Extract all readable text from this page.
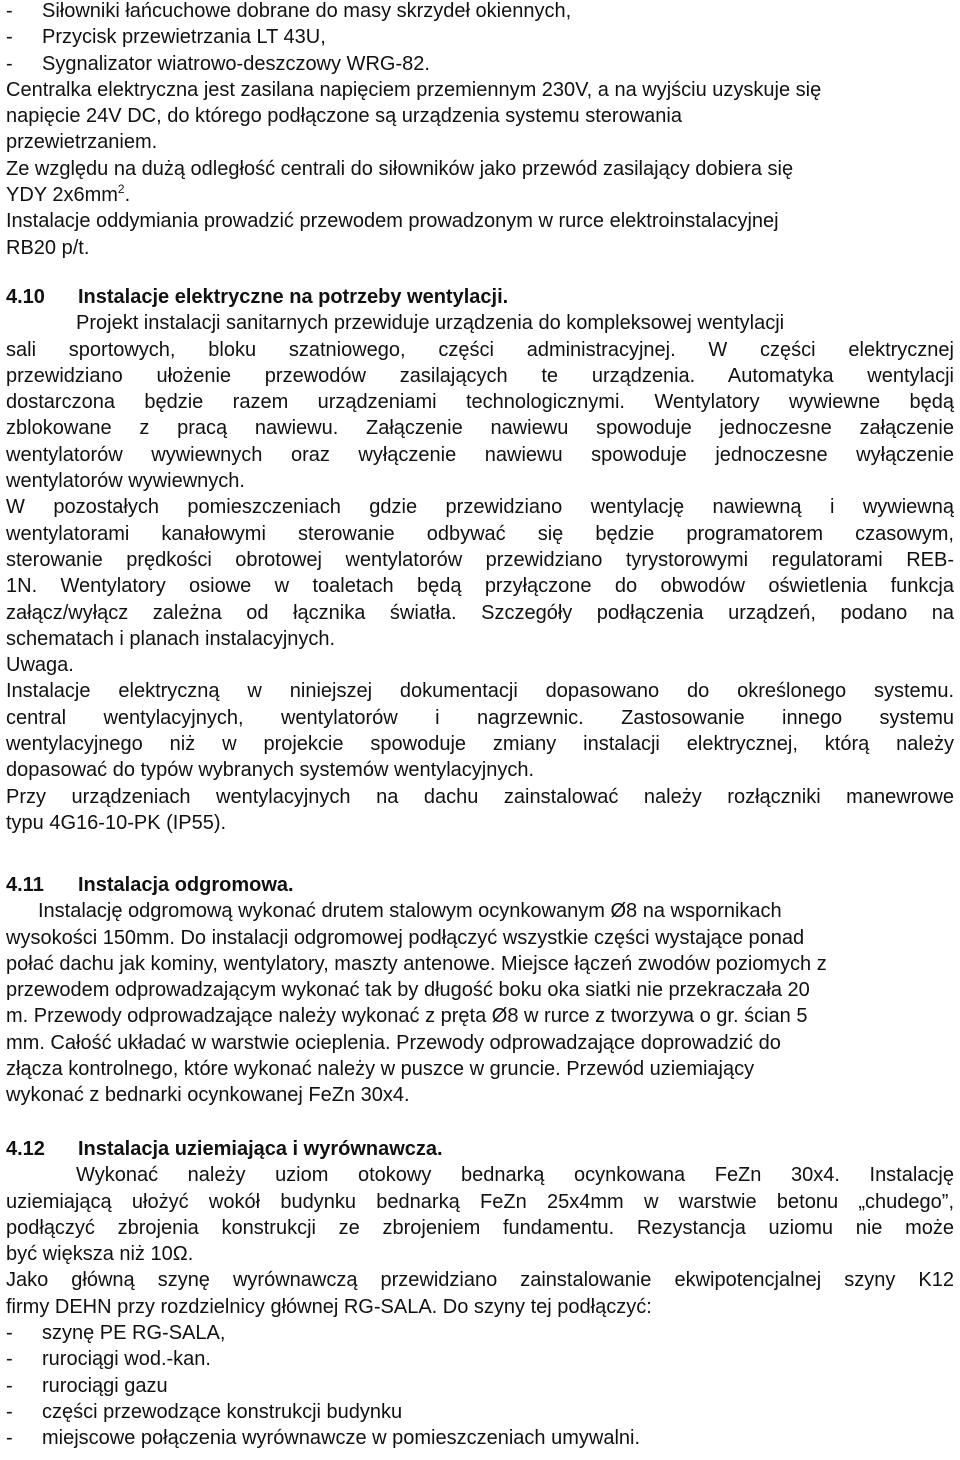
- Siłowniki łańcuchowe dobrane do masy skrzydeł okiennych,
- Przycisk przewietrzania LT 43U,
- Sygnalizator wiatrowo-deszczowy WRG-82.
Centralka elektryczna jest zasilana napięciem przemiennym 230V, a na wyjściu uzyskuje się
napięcie 24V DC, do którego podłączone są urządzenia systemu sterowania
przewietrzaniem.
Ze względu na dużą odległość centrali do siłowników jako przewód zasilający dobiera się
YDY $2x6mm^2$.
Instalacje oddymiania prowadzić przewodem prowadzonym w rurce elektroinstalacyjnej
RB20 p/t.
4.10 Instalacje elektryczne na potrzeby wentylacji.
Projekt instalacji sanitarnych przewiduje urządzenia do kompleksowej wentylacji
sali sportowych, bloku szatniowego, części administracyjnej. W części elektrycznej
przewidziano ułożenie przewodów zasilających te urządzenia. Automatyka wentylacji
dostarczona będzie razem urządzeniami technologicznymi. Wentylatory wywiewne będą
zblokowane z pracą nawiewu. Załączenie nawiewu spowoduje jednoczesne załączenie
wentylatorów wywiewnych oraz wyłączenie nawiewu spowoduje jednoczesne wyłączenie
wentylatorów wywiewnych.
W pozostałych pomieszczeniach gdzie przewidziano wentylację nawiewną i wywiewną
wentylatorami kanałowymi sterowanie odbywać się będzie programatorem czasowym,
sterowanie prędkości obrotowej wentylatorów przewidziano tyrystorowymi regulatorami REB-
1N. Wentylatory osiowe w toaletach będą przyłączone do obwodów oświetlenia funkcja
załącz/wyłącz zależna od łącznika światła. Szczegóły podłączenia urządzeń, podano na
schematach i planach instalacyjnych.
Uwaga.
Instalacje elektryczną w niniejszej dokumentacji dopasowano do określonego systemu.
central wentylacyjnych, wentylatorów i nagrzewnic. Zastosowanie innego systemu
wentylacyjnego niż w projekcie spowoduje zmiany instalacji elektrycznej, którą należy
dopasować do typów wybranych systemów wentylacyjnych.
Przy urządzeniach wentylacyjnych na dachu zainstalować należy rozłączniki manewrowe
typu 4G16-10-PK (IP55).
4.11 Instalacja odgromowa.
Instalację odgromową wykonać drutem stalowym ocynkowanym Ø8 na wspornikach
wysokości 150mm. Do instalacji odgromowej podłączyć wszystkie części wystające ponad
połać dachu jak kominy, wentylatory, maszty antenowe. Miejsce łączeń zwodów poziomych z
przewodem odprowadzającym wykonać tak by długość boku oka siatki nie przekraczała 20
m. Przewody odprowadzające należy wykonać z pręta Ø8 w rurce z tworzywa o gr. ścian 5
mm. Całość układać w warstwie ocieplenia. Przewody odprowadzające doprowadzić do
złącza kontrolnego, które wykonać należy w puszce w gruncie. Przewód uziemiający
wykonać z bednarki ocynkowanej FeZn 30x4.
4.12 Instalacja uziemiająca i wyrównawcza.
Wykonać należy uziom otokowy bednarką ocynkowana FeZn 30x4. Instalację
uziemiającą ułożyć wokół budynku bednarką FeZn 25x4mm w warstwie betonu „chudego”,
podłączyć zbrojenia konstrukcji ze zbrojeniem fundamentu. Rezystancja uziomu nie może
być większa niż 10Ω.
Jako główną szynę wyrównawczą przewidziano zainstalowanie ekwipotencjalnej szyny K12
firmy DEHN przy rozdzielnicy głównej RG-SALA. Do szyny tej podłączyć:
- szynę PE RG-SALA,
- rurociągi wod.-kan.
- rurociągi gazu
- części przewodzące konstrukcji budynku
- miejscowe połączenia wyrównawcze w pomieszczeniach umywalni.
